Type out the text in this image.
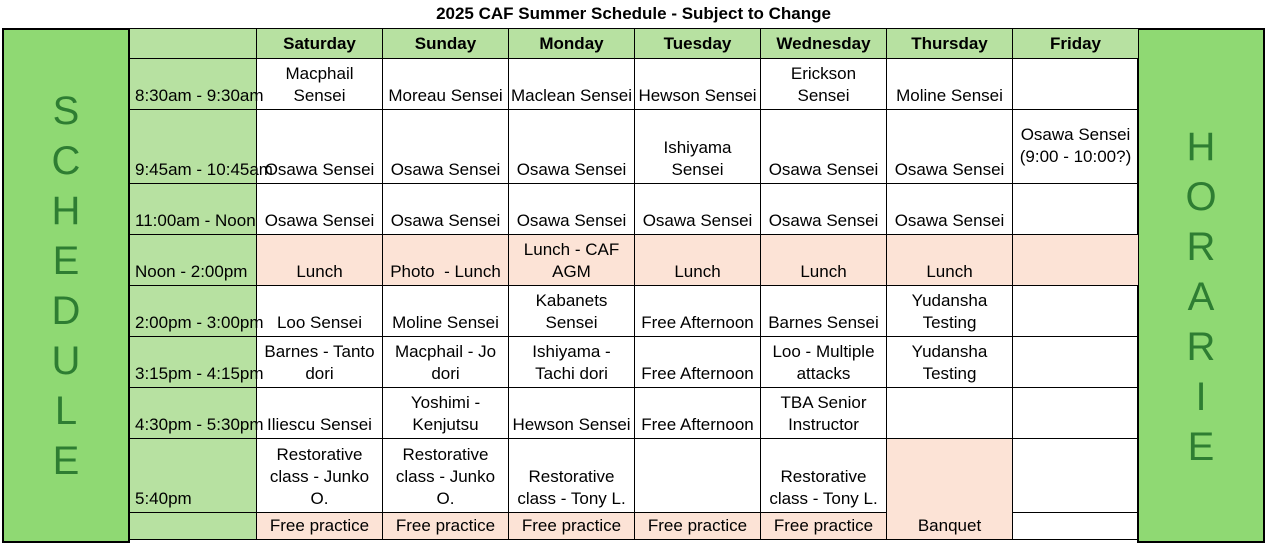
2025 CAF Summer Schedule - Subject to Change
S
C
H
E
D
U
L
E
H
O
R
A
R
I
E
	Saturday	Sunday	Monday	Tuesday	Wednesday	Thursday	Friday
8:30am - 9:30am	Macphail Sensei	Moreau Sensei	Maclean Sensei	Hewson Sensei	Erickson Sensei	Moline Sensei	
9:45am - 10:45am	Osawa Sensei	Osawa Sensei	Osawa Sensei	Ishiyama Sensei	Osawa Sensei	Osawa Sensei	Osawa Sensei (9:00 - 10:00?)
11:00am - Noon	Osawa Sensei	Osawa Sensei	Osawa Sensei	Osawa Sensei	Osawa Sensei	Osawa Sensei	
Noon - 2:00pm	Lunch	Photo  - Lunch	Lunch - CAF AGM	Lunch	Lunch	Lunch	
2:00pm - 3:00pm	Loo Sensei	Moline Sensei	Kabanets Sensei	Free Afternoon	Barnes Sensei	Yudansha Testing	
3:15pm - 4:15pm	Barnes - Tanto dori	Macphail - Jo dori	Ishiyama - Tachi dori	Free Afternoon	Loo - Multiple attacks	Yudansha Testing	
4:30pm - 5:30pm	Iliescu Sensei	Yoshimi - Kenjutsu	Hewson Sensei	Free Afternoon	TBA Senior Instructor		
5:40pm	Restorative class - Junko O.	Restorative class - Junko O.	Restorative class - Tony L.		Restorative class - Tony L.	Banquet	
	Free practice	Free practice	Free practice	Free practice	Free practice		
